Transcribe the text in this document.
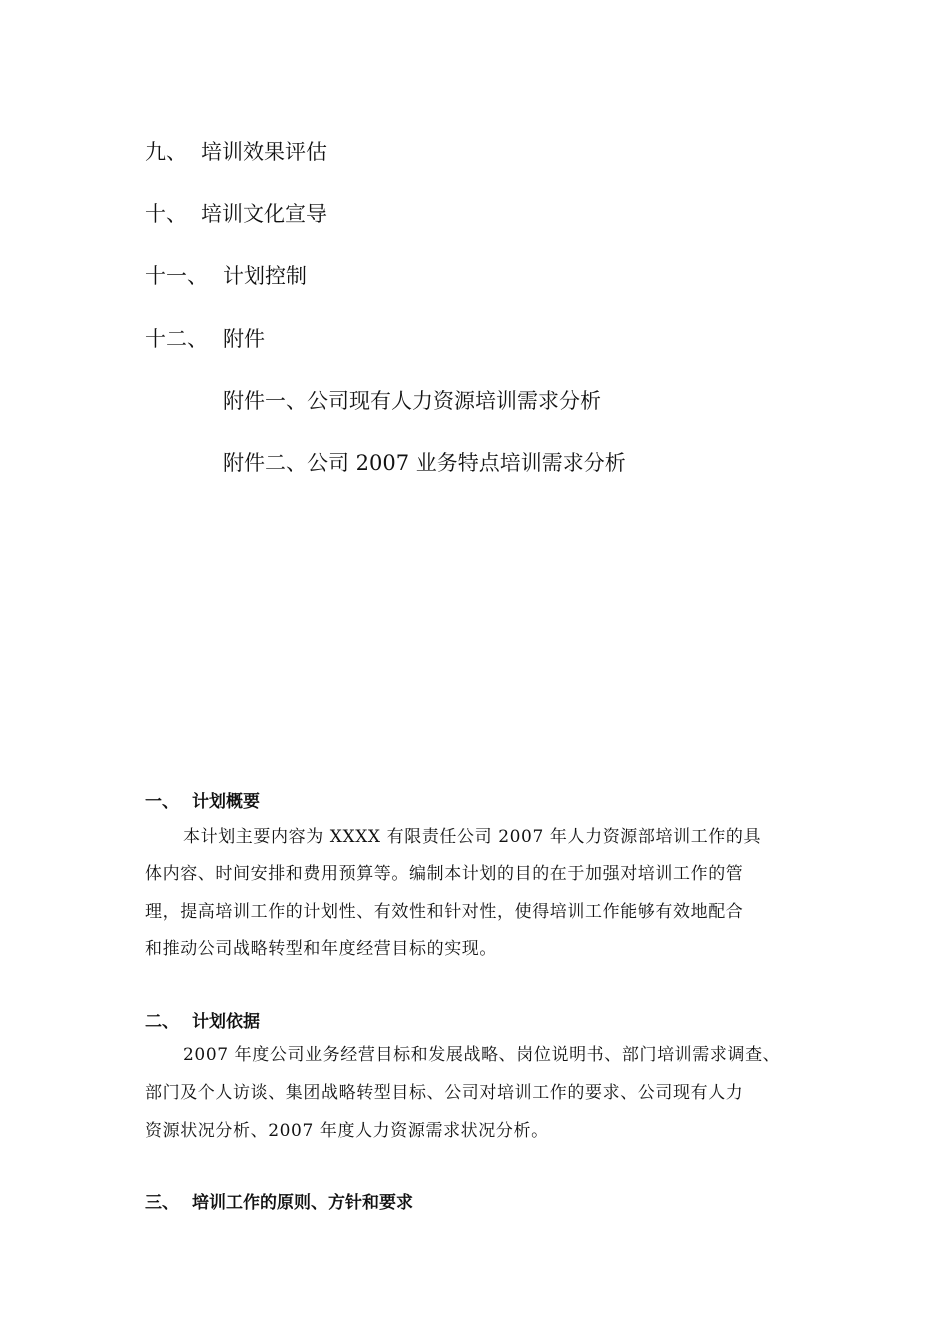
九、 培训效果评估
十、 培训文化宣导
十一、 计划控制
十二、 附件
附件一、公司现有人力资源培训需求分析
附件二、公司 2007 业务特点培训需求分析
一、 计划概要
本计划主要内容为 XXXX 有限责任公司 2007 年人力资源部培训工作的具
体内容、时间安排和费用预算等。编制本计划的目的在于加强对培训工作的管
理，提高培训工作的计划性、有效性和针对性，使得培训工作能够有效地配合
和推动公司战略转型和年度经营目标的实现。
二、 计划依据
2007 年度公司业务经营目标和发展战略、岗位说明书、部门培训需求调查、
部门及个人访谈、集团战略转型目标、公司对培训工作的要求、公司现有人力
资源状况分析、2007 年度人力资源需求状况分析。
三、 培训工作的原则、方针和要求
